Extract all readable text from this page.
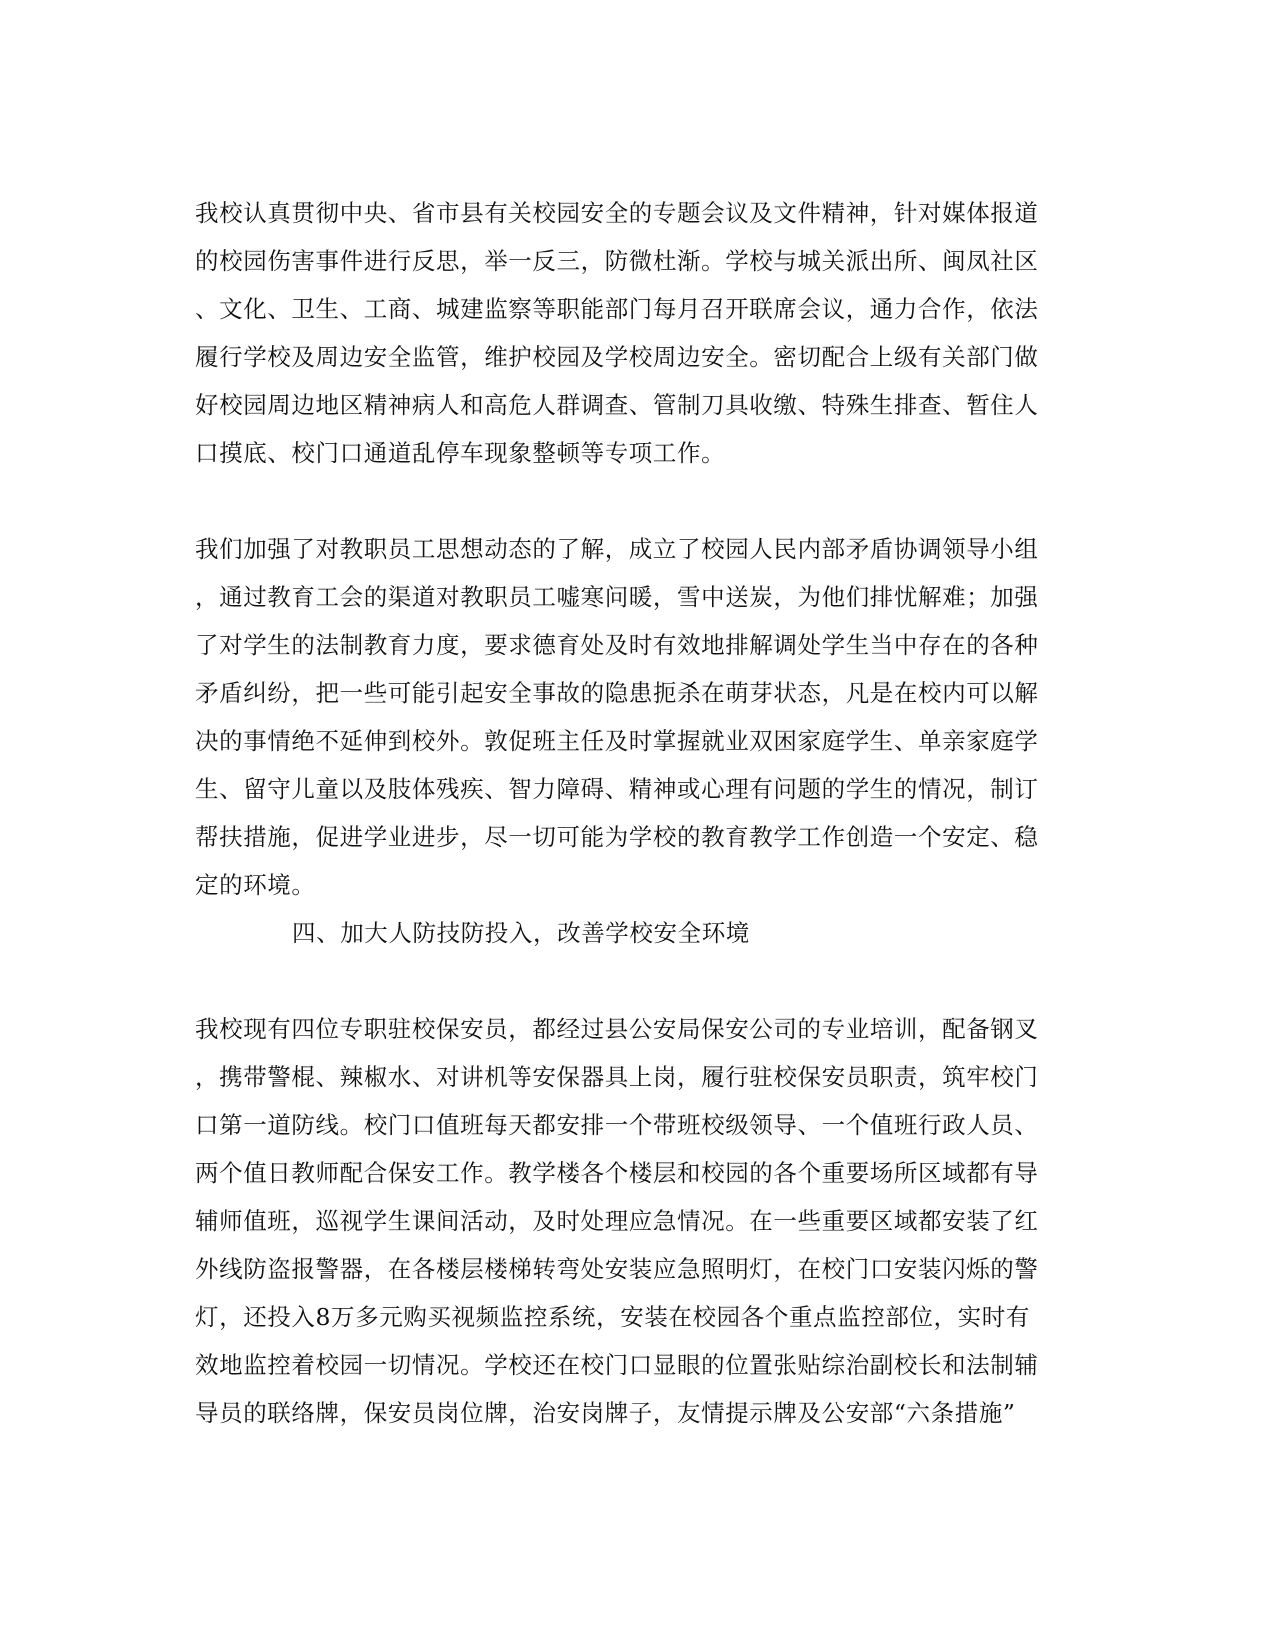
我校认真贯彻中央、省市县有关校园安全的专题会议及文件精神，针对媒体报道
的校园伤害事件进行反思，举一反三，防微杜渐。学校与城关派出所、闽凤社区
、文化、卫生、工商、城建监察等职能部门每月召开联席会议，通力合作，依法
履行学校及周边安全监管，维护校园及学校周边安全。密切配合上级有关部门做
好校园周边地区精神病人和高危人群调查、管制刀具收缴、特殊生排查、暂住人
口摸底、校门口通道乱停车现象整顿等专项工作。
我们加强了对教职员工思想动态的了解，成立了校园人民内部矛盾协调领导小组
，通过教育工会的渠道对教职员工嘘寒问暖，雪中送炭，为他们排忧解难；加强
了对学生的法制教育力度，要求德育处及时有效地排解调处学生当中存在的各种
矛盾纠纷，把一些可能引起安全事故的隐患扼杀在萌芽状态，凡是在校内可以解
决的事情绝不延伸到校外。敦促班主任及时掌握就业双困家庭学生、单亲家庭学
生、留守儿童以及肢体残疾、智力障碍、精神或心理有问题的学生的情况，制订
帮扶措施，促进学业进步，尽一切可能为学校的教育教学工作创造一个安定、稳
定的环境。
四、加大人防技防投入，改善学校安全环境
我校现有四位专职驻校保安员，都经过县公安局保安公司的专业培训，配备钢叉
，携带警棍、辣椒水、对讲机等安保器具上岗，履行驻校保安员职责，筑牢校门
口第一道防线。校门口值班每天都安排一个带班校级领导、一个值班行政人员、
两个值日教师配合保安工作。教学楼各个楼层和校园的各个重要场所区域都有导
辅师值班，巡视学生课间活动，及时处理应急情况。在一些重要区域都安装了红
外线防盗报警器，在各楼层楼梯转弯处安装应急照明灯，在校门口安装闪烁的警
灯，还投入8万多元购买视频监控系统，安装在校园各个重点监控部位，实时有
效地监控着校园一切情况。学校还在校门口显眼的位置张贴综治副校长和法制辅
导员的联络牌，保安员岗位牌，治安岗牌子，友情提示牌及公安部“六条措施”
